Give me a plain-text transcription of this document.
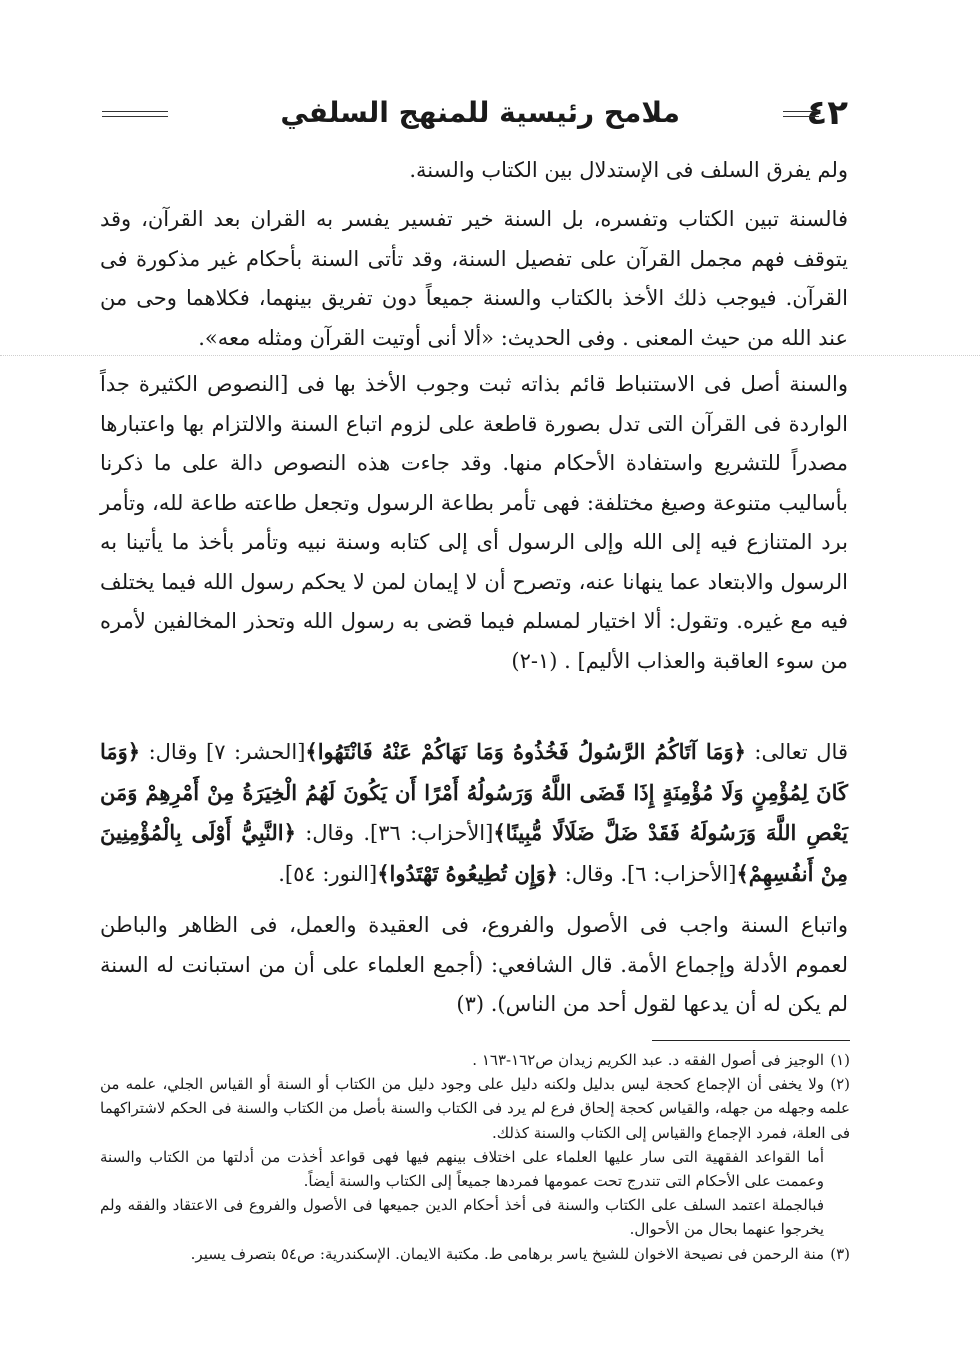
٤٢
ملامح رئيسية للمنهج السلفي

ولم يفرق السلف فى الإستدلال بين الكتاب والسنة.

فالسنة تبين الكتاب وتفسره، بل السنة خير تفسير يفسر به القران بعد القرآن، وقد يتوقف فهم مجمل القرآن على تفصيل السنة، وقد تأتى السنة بأحكام غير مذكورة فى القرآن. فيوجب ذلك الأخذ بالكتاب والسنة جميعاً دون تفريق بينهما، فكلاهما وحى من عند الله من حيث المعنى . وفى الحديث: «ألا أنى أوتيت القرآن ومثله معه».

والسنة أصل فى الاستنباط قائم بذاته ثبت وجوب الأخذ بها فى [النصوص الكثيرة جداً الواردة فى القرآن التى تدل بصورة قاطعة على لزوم اتباع السنة والالتزام بها واعتبارها مصدراً للتشريع واستفادة الأحكام منها. وقد جاءت هذه النصوص دالة على ما ذكرنا بأساليب متنوعة وصيغ مختلفة: فهى تأمر بطاعة الرسول وتجعل طاعته طاعة لله، وتأمر برد المتنازع فيه إلى الله وإلى الرسول أى إلى كتابه وسنة نبيه وتأمر بأخذ ما يأتينا به الرسول والابتعاد عما ينهانا عنه، وتصرح أن لا إيمان لمن لا يحكم رسول الله فيما يختلف فيه مع غيره. وتقول: ألا اختيار لمسلم فيما قضى به رسول الله وتحذر المخالفين لأمره من سوء العاقبة والعذاب الأليم] . (١-٢)

قال تعالى: ﴿وَمَا آتَاكُمُ الرَّسُولُ فَخُذُوهُ وَمَا نَهَاكُمْ عَنْهُ فَانْتَهُوا﴾[الحشر: ٧] وقال: ﴿وَمَا كَانَ لِمُؤْمِنٍ وَلَا مُؤْمِنَةٍ إِذَا قَضَى اللَّهُ وَرَسُولُهُ أَمْرًا أَن يَكُونَ لَهُمُ الْخِيَرَةُ مِنْ أَمْرِهِمْ وَمَن يَعْصِ اللَّهَ وَرَسُولَهُ فَقَدْ ضَلَّ ضَلَالًا مُّبِينًا﴾[الأحزاب: ٣٦]. وقال: ﴿النَّبِيُّ أَوْلَى بِالْمُؤْمِنِينَ مِنْ أَنفُسِهِمْ﴾[الأحزاب: ٦]. وقال: ﴿وَإِن تُطِيعُوهُ تَهْتَدُوا﴾[النور: ٥٤].

واتباع السنة واجب فى الأصول والفروع، فى العقيدة والعمل، فى الظاهر والباطن لعموم الأدلة وإجماع الأمة. قال الشافعي: (أجمع العلماء على أن من استبانت له السنة لم يكن له أن يدعها لقول أحد من الناس). (٣)

(١)الوجيز فى أصول الفقه د. عبد الكريم زيدان ص١٦٢-١٦٣ .

(٢)ولا يخفى أن الإجماع كحجة ليس بدليل ولكنه دليل على وجود دليل من الكتاب أو السنة أو القياس الجلي، علمه من علمه وجهله من جهله، والقياس كحجة إلحاق فرع لم يرد فى الكتاب والسنة بأصل من الكتاب والسنة فى الحكم لاشتراكهما فى العلة، فمرد الإجماع والقياس إلى الكتاب والسنة كذلك.

أما القواعد الفقهية التى سار عليها العلماء على اختلاف بينهم فيها فهى قواعد أخذت من أدلتها من الكتاب والسنة وعممت على الأحكام التى تندرج تحت عمومها فمردها جميعاً إلى الكتاب والسنة أيضاً.

فبالجملة اعتمد السلف على الكتاب والسنة فى أخذ أحكام الدين جميعها فى الأصول والفروع فى الاعتقاد والفقه ولم يخرجوا عنهما بحال من الأحوال.

(٣)منة الرحمن فى نصيحة الاخوان للشيخ ياسر برهامى ط. مكتبة الايمان. الإسكندرية: ص٥٤ بتصرف يسير.
